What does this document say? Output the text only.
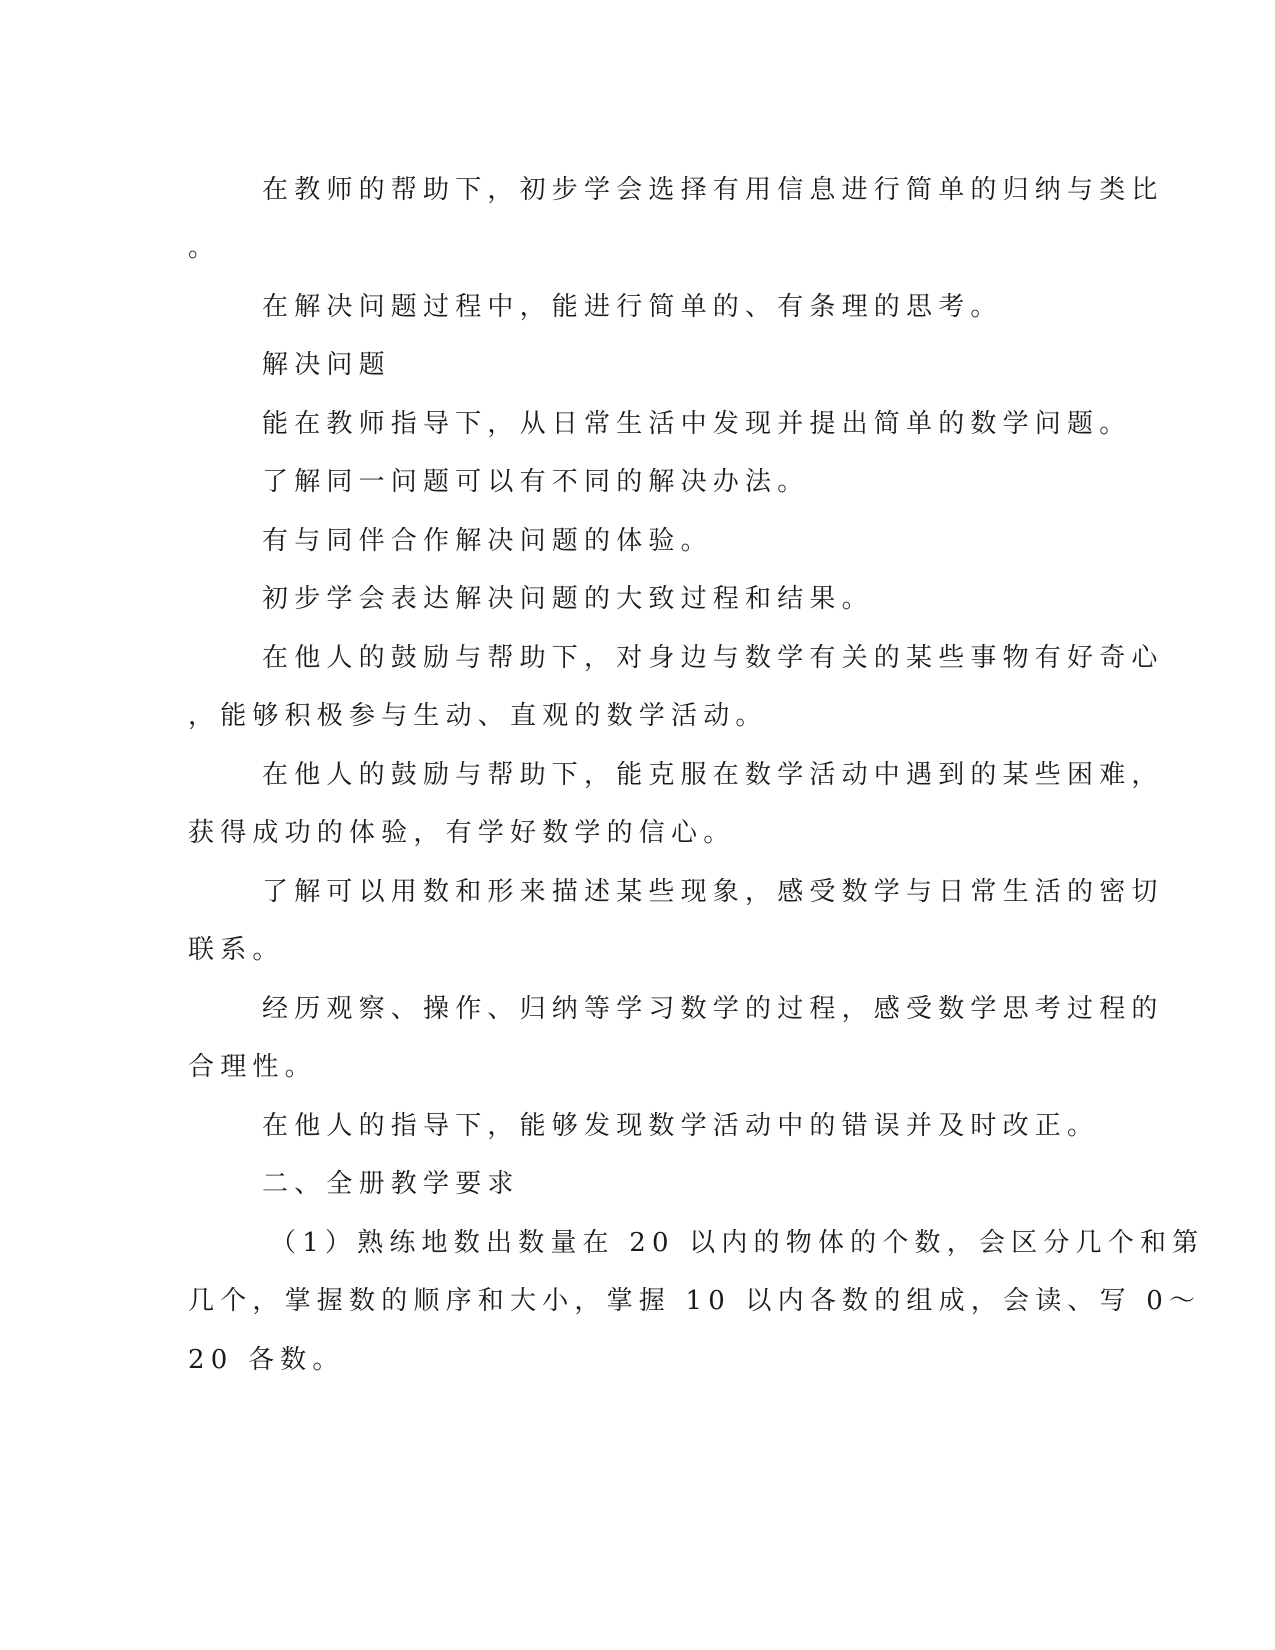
在教师的帮助下，初步学会选择有用信息进行简单的归纳与类比
。
在解决问题过程中，能进行简单的、有条理的思考。
解决问题
能在教师指导下，从日常生活中发现并提出简单的数学问题。
了解同一问题可以有不同的解决办法。
有与同伴合作解决问题的体验。
初步学会表达解决问题的大致过程和结果。
在他人的鼓励与帮助下，对身边与数学有关的某些事物有好奇心
，能够积极参与生动、直观的数学活动。
在他人的鼓励与帮助下，能克服在数学活动中遇到的某些困难，
获得成功的体验，有学好数学的信心。
了解可以用数和形来描述某些现象，感受数学与日常生活的密切
联系。
经历观察、操作、归纳等学习数学的过程，感受数学思考过程的
合理性。
在他人的指导下，能够发现数学活动中的错误并及时改正。
二、全册教学要求
（1）熟练地数出数量在 20 以内的物体的个数，会区分几个和第
几个，掌握数的顺序和大小，掌握 10 以内各数的组成，会读、写 0～
20 各数。
